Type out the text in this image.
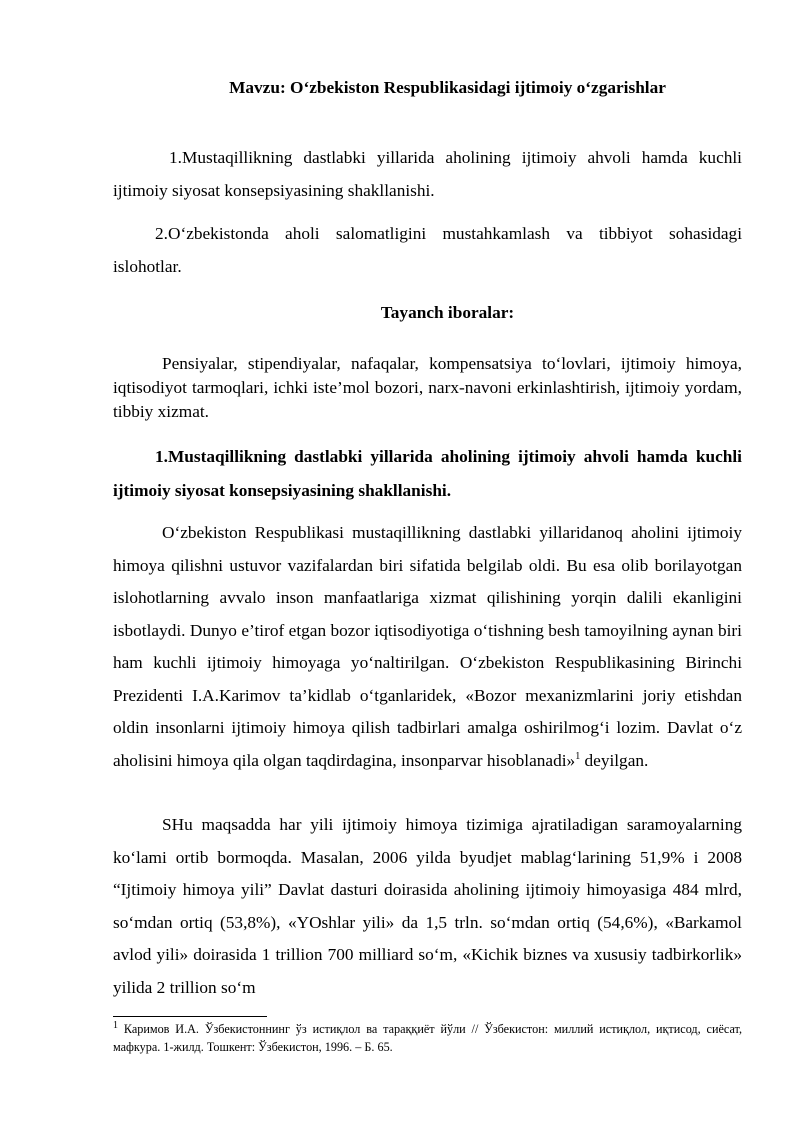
Mavzu: O‘zbekiston Respublikasidagi ijtimoiy o‘zgarishlar
1.Mustaqillikning dastlabki yillarida aholining ijtimoiy ahvoli hamda kuchli ijtimoiy siyosat konsepsiyasining shakllanishi.
2.O‘zbekistonda aholi salomatligini mustahkamlash va tibbiyot sohasidagi islohotlar.
Tayanch iboralar:
Pensiyalar, stipendiyalar, nafaqalar, kompensatsiya to‘lovlari, ijtimoiy himoya, iqtisodiyot tarmoqlari, ichki iste’mol bozori, narx-navoni erkinlashtirish, ijtimoiy yordam, tibbiy xizmat.
1.Mustaqillikning dastlabki yillarida aholining ijtimoiy ahvoli hamda kuchli ijtimoiy siyosat konsepsiyasining shakllanishi.
O‘zbekiston Respublikasi mustaqillikning dastlabki yillaridanoq aholini ijtimoiy himoya qilishni ustuvor vazifalardan biri sifatida belgilab oldi. Bu esa olib borilayotgan islohotlarning avvalo inson manfaatlariga xizmat qilishining yorqin dalili ekanligini isbotlaydi. Dunyo e’tirof etgan bozor iqtisodiyotiga o‘tishning besh tamoyilning aynan biri ham kuchli ijtimoiy himoyaga yo‘naltirilgan. O‘zbekiston Respublikasining Birinchi Prezidenti I.A.Karimov ta’kidlab o‘tganlaridek, «Bozor mexanizmlarini joriy etishdan oldin insonlarni ijtimoiy himoya qilish tadbirlari amalga oshirilmog‘i lozim. Davlat o‘z aholisini himoya qila olgan taqdirdagina, insonparvar hisoblanadi»$^1$ deyilgan.
SHu maqsadda har yili ijtimoiy himoya tizimiga ajratiladigan saramoyalarning ko‘lami ortib bormoqda. Masalan, 2006 yilda byudjet mablag‘larining 51,9% i 2008 “Ijtimoiy himoya yili” Davlat dasturi doirasida aholining ijtimoiy himoyasiga 484 mlrd, so‘mdan ortiq (53,8%), «YOshlar yili» da 1,5 trln. so‘mdan ortiq (54,6%), «Barkamol avlod yili» doirasida 1 trillion 700 milliard so‘m, «Kichik biznes va xususiy tadbirkorlik» yilida 2 trillion so‘m
$^1$ Каримов И.А. Ўзбекистоннинг ўз истиқлол ва тараққиёт йўли // Ўзбекистон: миллий истиқлол, иқтисод, сиёсат, мафкура. 1-жилд. Тошкент: Ўзбекистон, 1996. – Б. 65.
